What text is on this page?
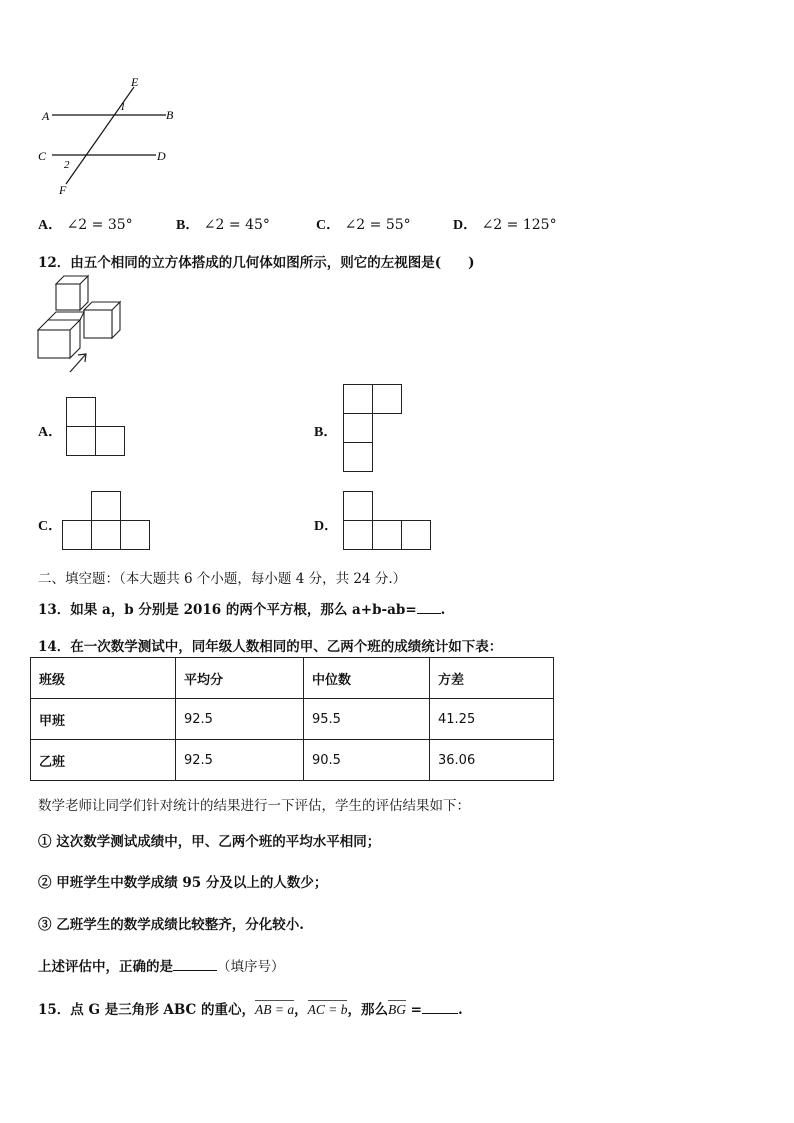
A	B
C	D
E
F
1
2
A． ∠2 = 35°	B． ∠2 = 45°	C． ∠2 = 55°	D． ∠2 = 125°
12．由五个相同的立方体搭成的几何体如图所示，则它的左视图是(　　)
A．	B．
C．	D．
二、填空题：（本大题共 6 个小题，每小题 4 分，共 24 分.）
13．如果 a，b 分别是 2016 的两个平方根，那么 a+b-ab= .
14．在一次数学测试中，同年级人数相同的甲、乙两个班的成绩统计如下表：
班级	平均分	中位数	方差
甲班	92.5	95.5	41.25
乙班	92.5	90.5	36.06
数学老师让同学们针对统计的结果进行一下评估，学生的评估结果如下：
① 这次数学测试成绩中，甲、乙两个班的平均水平相同；
② 甲班学生中数学成绩 95 分及以上的人数少；
③ 乙班学生的数学成绩比较整齐，分化较小.
上述评估中，正确的是	（填序号）
15．点 G 是三角形 ABC 的重心，AB = a，AC = b，那么BG =	.
